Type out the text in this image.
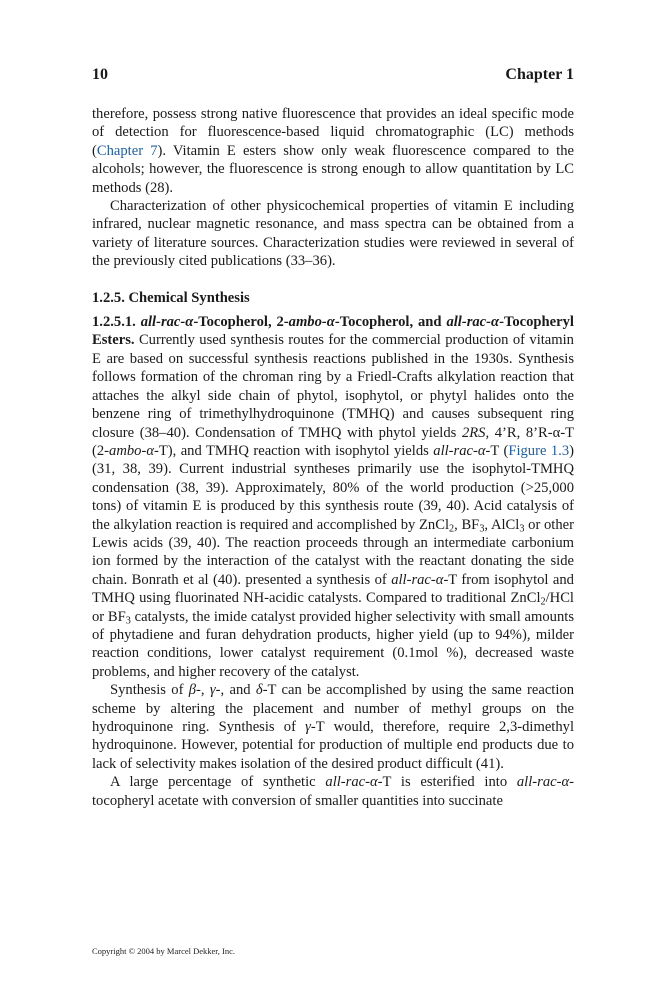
10	Chapter 1

therefore, possess strong native fluorescence that provides an ideal specific mode of detection for fluorescence-based liquid chromatographic (LC) methods (Chapter 7). Vitamin E esters show only weak fluorescence compared to the alcohols; however, the fluorescence is strong enough to allow quantitation by LC methods (28).

Characterization of other physicochemical properties of vitamin E including infrared, nuclear magnetic resonance, and mass spectra can be obtained from a variety of literature sources. Characterization studies were reviewed in several of the previously cited publications (33–36).

1.2.5. Chemical Synthesis

1.2.5.1. all-rac-α-Tocopherol, 2-ambo-α-Tocopherol, and all-rac-α-Tocopheryl Esters. Currently used synthesis routes for the commercial production of vitamin E are based on successful synthesis reactions published in the 1930s. Synthesis follows formation of the chroman ring by a Friedl-Crafts alkylation reaction that attaches the alkyl side chain of phytol, isophytol, or phytyl halides onto the benzene ring of trimethylhydroquinone (TMHQ) and causes subsequent ring closure (38–40). Condensation of TMHQ with phytol yields 2RS, 4’R, 8’R-α-T (2-ambo-α-T), and TMHQ reaction with isophytol yields all-rac-α-T (Figure 1.3) (31, 38, 39). Current industrial syntheses primarily use the isophytol-TMHQ condensation (38, 39). Approximately, 80% of the world production (>25,000 tons) of vitamin E is produced by this synthesis route (39, 40). Acid catalysis of the alkylation reaction is required and accomplished by ZnCl$_2$, $BF_3$, AlCl$_3$ or other Lewis acids (39, 40). The reaction proceeds through an intermediate carbonium ion formed by the interaction of the catalyst with the reactant donating the side chain. Bonrath et al (40). presented a synthesis of all-rac-α-T from isophytol and TMHQ using fluorinated NH-acidic catalysts. Compared to traditional ZnCl$_2$/HCl or $BF_3$ catalysts, the imide catalyst provided higher selectivity with small amounts of phytadiene and furan dehydration products, higher yield (up to 94%), milder reaction conditions, lower catalyst requirement (0.1mol %), decreased waste problems, and higher recovery of the catalyst.

Synthesis of β-, γ-, and δ-T can be accomplished by using the same reaction scheme by altering the placement and number of methyl groups on the hydroquinone ring. Synthesis of γ-T would, therefore, require 2,3-dimethyl hydroquinone. However, potential for production of multiple end products due to lack of selectivity makes isolation of the desired product difficult (41).

A large percentage of synthetic all-rac-α-T is esterified into all-rac-α-tocopheryl acetate with conversion of smaller quantities into succinate

Copyright © 2004 by Marcel Dekker, Inc.
